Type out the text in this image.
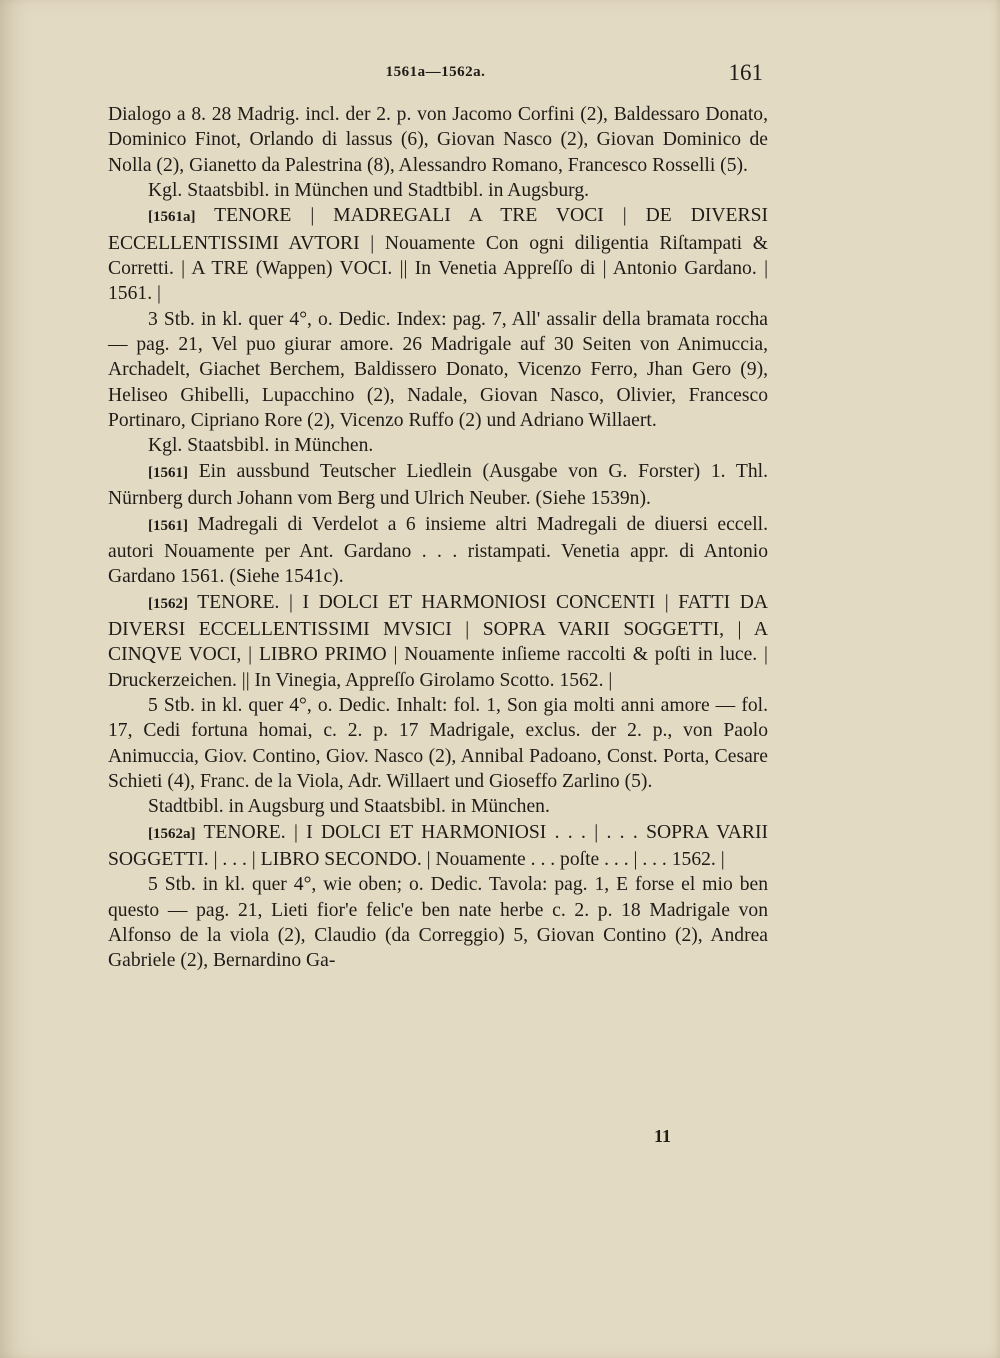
1561a—1562a.	161

Dialogo a 8. 28 Madrig. incl. der 2. p. von Jacomo Corfini (2), Baldessaro Donato, Dominico Finot, Orlando di lassus (6), Giovan Nasco (2), Giovan Dominico de Nolla (2), Gianetto da Palestrina (8), Alessandro Romano, Francesco Rosselli (5).

Kgl. Staatsbibl. in München und Stadtbibl. in Augsburg.

[1561a] TENORE | MADREGALI A TRE VOCI | DE DIVERSI ECCELLENTISSIMI AVTORI | Nouamente Con ogni diligentia Riſtampati & Corretti. | A TRE (Wappen) VOCI. || In Venetia Appreſſo di | Antonio Gardano. | 1561. |

3 Stb. in kl. quer 4°, o. Dedic. Index: pag. 7, All' assalir della bramata roccha — pag. 21, Vel puo giurar amore. 26 Madrigale auf 30 Seiten von Animuccia, Archadelt, Giachet Berchem, Baldissero Donato, Vicenzo Ferro, Jhan Gero (9), Heliseo Ghibelli, Lupacchino (2), Nadale, Giovan Nasco, Olivier, Francesco Portinaro, Cipriano Rore (2), Vicenzo Ruffo (2) und Adriano Willaert.

Kgl. Staatsbibl. in München.

[1561] Ein aussbund Teutscher Liedlein (Ausgabe von G. Forster) 1. Thl. Nürnberg durch Johann vom Berg und Ulrich Neuber. (Siehe 1539n).

[1561] Madregali di Verdelot a 6 insieme altri Madregali de diuersi eccell. autori Nouamente per Ant. Gardano . . . ristampati. Venetia appr. di Antonio Gardano 1561. (Siehe 1541c).

[1562] TENORE. | I DOLCI ET HARMONIOSI CONCENTI | FATTI DA DIVERSI ECCELLENTISSIMI MVSICI | SOPRA VARII SOGGETTI, | A CINQVE VOCI, | LIBRO PRIMO | Nouamente inſieme raccolti & poſti in luce. | Druckerzeichen. || In Vinegia, Appreſſo Girolamo Scotto. 1562. |

5 Stb. in kl. quer 4°, o. Dedic. Inhalt: fol. 1, Son gia molti anni amore — fol. 17, Cedi fortuna homai, c. 2. p. 17 Madrigale, exclus. der 2. p., von Paolo Animuccia, Giov. Contino, Giov. Nasco (2), Annibal Padoano, Const. Porta, Cesare Schieti (4), Franc. de la Viola, Adr. Willaert und Gioseffo Zarlino (5).

Stadtbibl. in Augsburg und Staatsbibl. in München.

[1562a] TENORE. | I DOLCI ET HARMONIOSI . . . | . . . SOPRA VARII SOGGETTI. | . . . | LIBRO SECONDO. | Nouamente . . . poſte . . . | . . . 1562. |

5 Stb. in kl. quer 4°, wie oben; o. Dedic. Tavola: pag. 1, E forse el mio ben questo — pag. 21, Lieti fior'e felic'e ben nate herbe c. 2. p. 18 Madrigale von Alfonso de la viola (2), Claudio (da Correggio) 5, Giovan Contino (2), Andrea Gabriele (2), Bernardino Ga-

11
